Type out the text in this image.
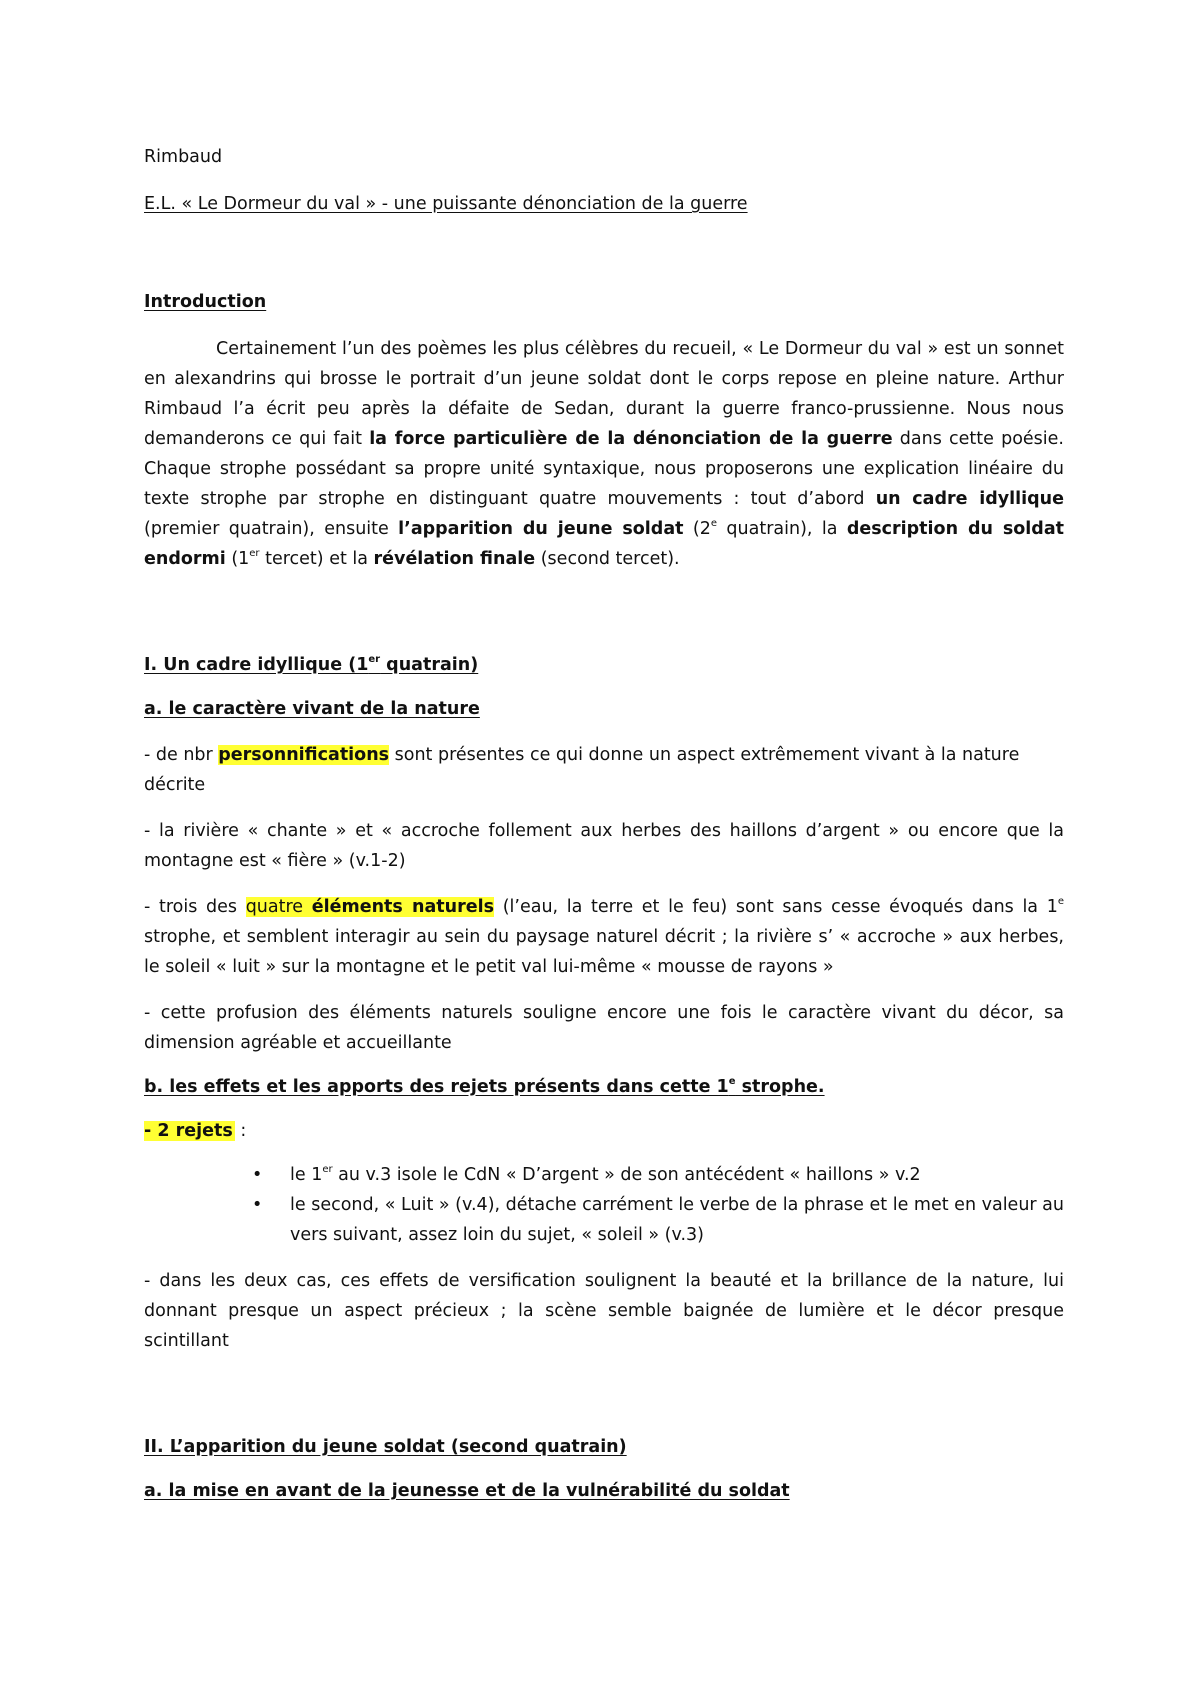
Rimbaud

E.L. « Le Dormeur du val » - une puissante dénonciation de la guerre

Introduction

Certainement l’un des poèmes les plus célèbres du recueil, « Le Dormeur du val » est un sonnet en alexandrins qui brosse le portrait d’un jeune soldat dont le corps repose en pleine nature. Arthur Rimbaud l’a écrit peu après la défaite de Sedan, durant la guerre franco-prussienne. Nous nous demanderons ce qui fait la force particulière de la dénonciation de la guerre dans cette poésie. Chaque strophe possédant sa propre unité syntaxique, nous proposerons une explication linéaire du texte strophe par strophe en distinguant quatre mouvements : tout d’abord un cadre idyllique (premier quatrain), ensuite l’apparition du jeune soldat (2e quatrain), la description du soldat endormi (1er tercet) et la révélation finale (second tercet).

I. Un cadre idyllique (1er quatrain)

a. le caractère vivant de la nature

- de nbr personnifications sont présentes ce qui donne un aspect extrêmement vivant à la nature décrite

- la rivière « chante » et « accroche follement aux herbes des haillons d’argent » ou encore que la montagne est « fière » (v.1-2)

- trois des quatre éléments naturels (l’eau, la terre et le feu) sont sans cesse évoqués dans la 1e strophe, et semblent interagir au sein du paysage naturel décrit ; la rivière s’ « accroche » aux herbes, le soleil « luit » sur la montagne et le petit val lui-même « mousse de rayons »

- cette profusion des éléments naturels souligne encore une fois le caractère vivant du décor, sa dimension agréable et accueillante

b. les effets et les apports des rejets présents dans cette 1e strophe.

- 2 rejets :

• le 1er au v.3 isole le CdN « D’argent » de son antécédent « haillons » v.2
• le second, « Luit » (v.4), détache carrément le verbe de la phrase et le met en valeur au vers suivant, assez loin du sujet, « soleil » (v.3)

- dans les deux cas, ces effets de versification soulignent la beauté et la brillance de la nature, lui donnant presque un aspect précieux ; la scène semble baignée de lumière et le décor presque scintillant

II. L’apparition du jeune soldat (second quatrain)

a. la mise en avant de la jeunesse et de la vulnérabilité du soldat
